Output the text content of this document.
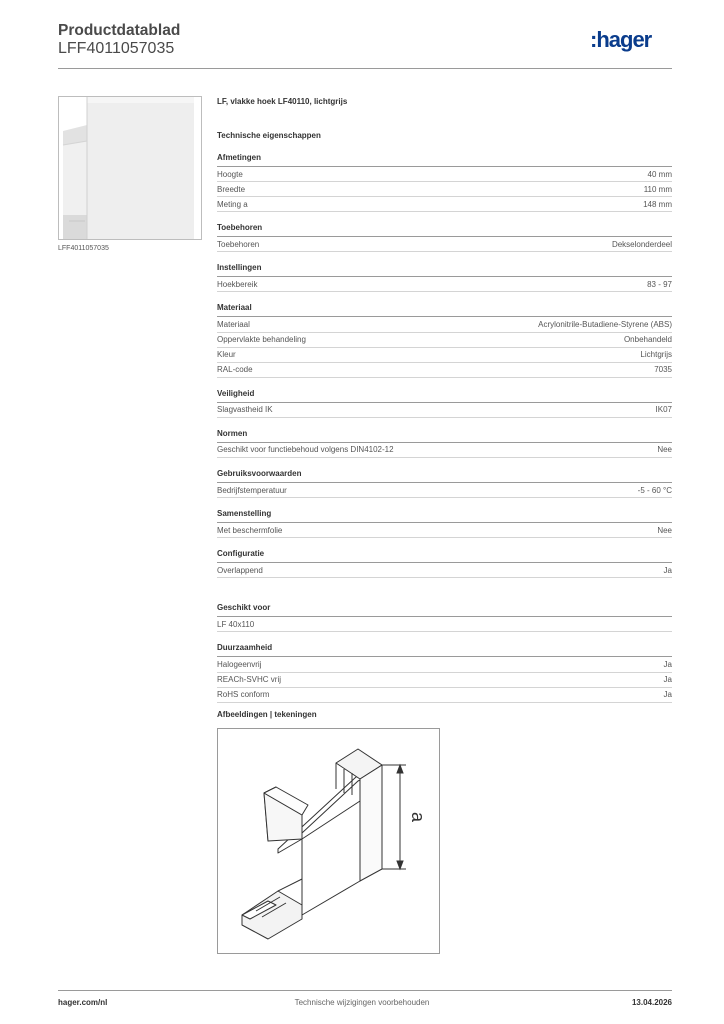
Productdatablad
LFF4011057035	:hager
LFF4011057035
LF, vlakke hoek LF40110, lichtgrijs
Technische eigenschappen
Afmetingen
Hoogte	40 mm
Breedte	110 mm
Meting a	148 mm
Toebehoren
Toebehoren	Dekselonderdeel
Instellingen
Hoekbereik	83 - 97
Materiaal
Materiaal	Acrylonitrile-Butadiene-Styrene (ABS)
Oppervlakte behandeling	Onbehandeld
Kleur	Lichtgrijs
RAL-code	7035
Veiligheid
Slagvastheid IK	IK07
Normen
Geschikt voor functiebehoud volgens DIN4102-12	Nee
Gebruiksvoorwaarden
Bedrijfstemperatuur	-5 - 60 °C
Samenstelling
Met beschermfolie	Nee
Configuratie
Overlappend	Ja
Geschikt voor
LF 40x110
Duurzaamheid
Halogeenvrij	Ja
REACh-SVHC vrij	Ja
RoHS conform	Ja
Afbeeldingen | tekeningen
a
hager.com/nl	Technische wijzigingen voorbehouden	13.04.2026
